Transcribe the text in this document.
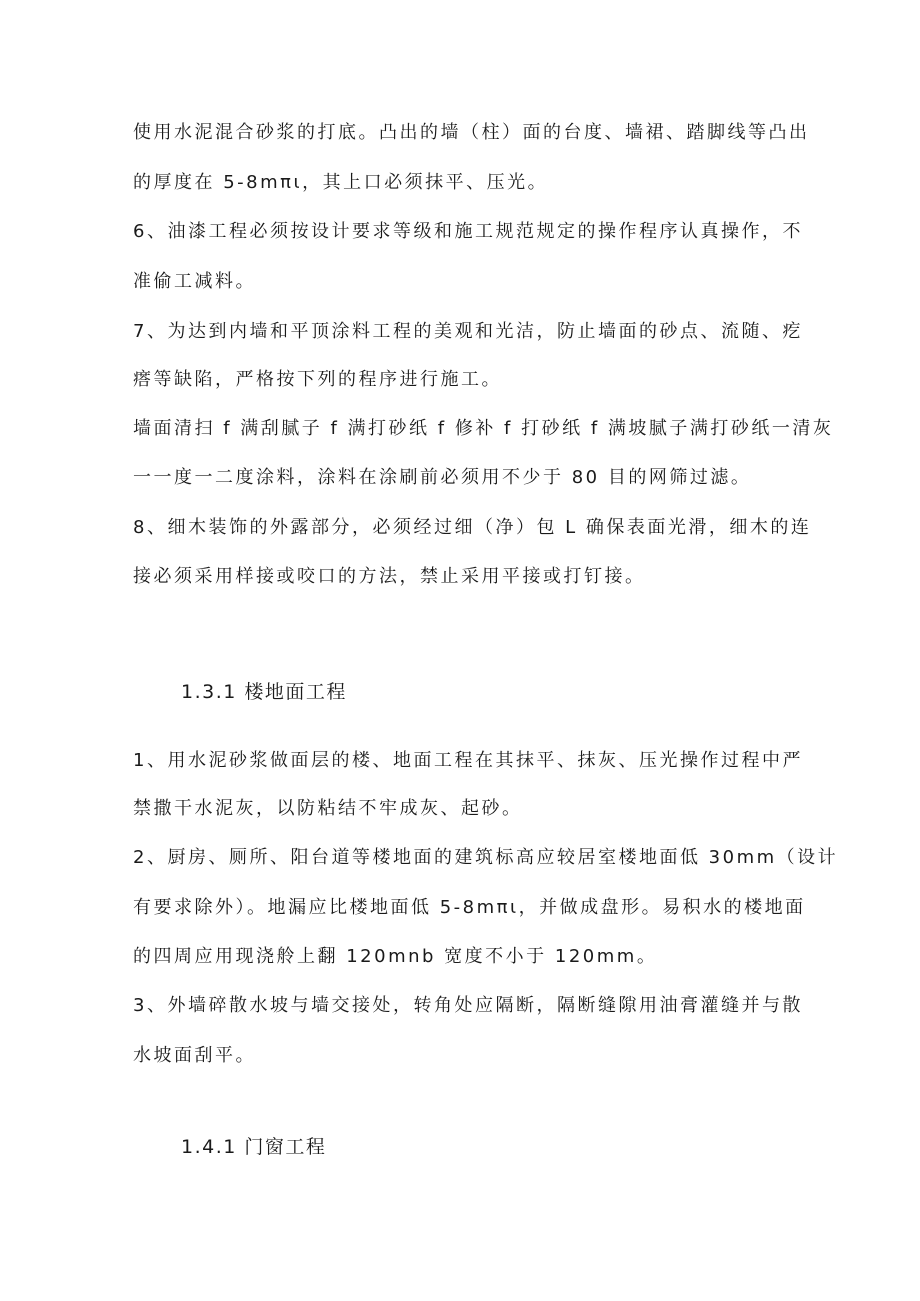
使用水泥混合砂浆的打底。凸出的墙（柱）面的台度、墙裙、踏脚线等凸出
的厚度在 5-8mπι，其上口必须抹平、压光。
6、油漆工程必须按设计要求等级和施工规范规定的操作程序认真操作，不
准偷工减料。
7、为达到内墙和平顶涂料工程的美观和光洁，防止墙面的砂点、流随、疙
瘩等缺陷，严格按下列的程序进行施工。
墙面清扫 f 满刮腻子 f 满打砂纸 f 修补 f 打砂纸 f 满坡腻子满打砂纸一清灰
一一度一二度涂料，涂料在涂刷前必须用不少于 80 目的网筛过滤。
8、细木装饰的外露部分，必须经过细（净）包 L 确保表面光滑，细木的连
接必须采用样接或咬口的方法，禁止采用平接或打钉接。
1.3.1 楼地面工程
1、用水泥砂浆做面层的楼、地面工程在其抹平、抹灰、压光操作过程中严
禁撒干水泥灰，以防粘结不牢成灰、起砂。
2、厨房、厕所、阳台道等楼地面的建筑标高应较居室楼地面低 30mm（设计
有要求除外）。地漏应比楼地面低 5-8mπι，并做成盘形。易积水的楼地面
的四周应用现浇舲上翻 120mnb 宽度不小于 120mm。
3、外墙碎散水坡与墙交接处，转角处应隔断，隔断缝隙用油膏灌缝并与散
水坡面刮平。
1.4.1 门窗工程
